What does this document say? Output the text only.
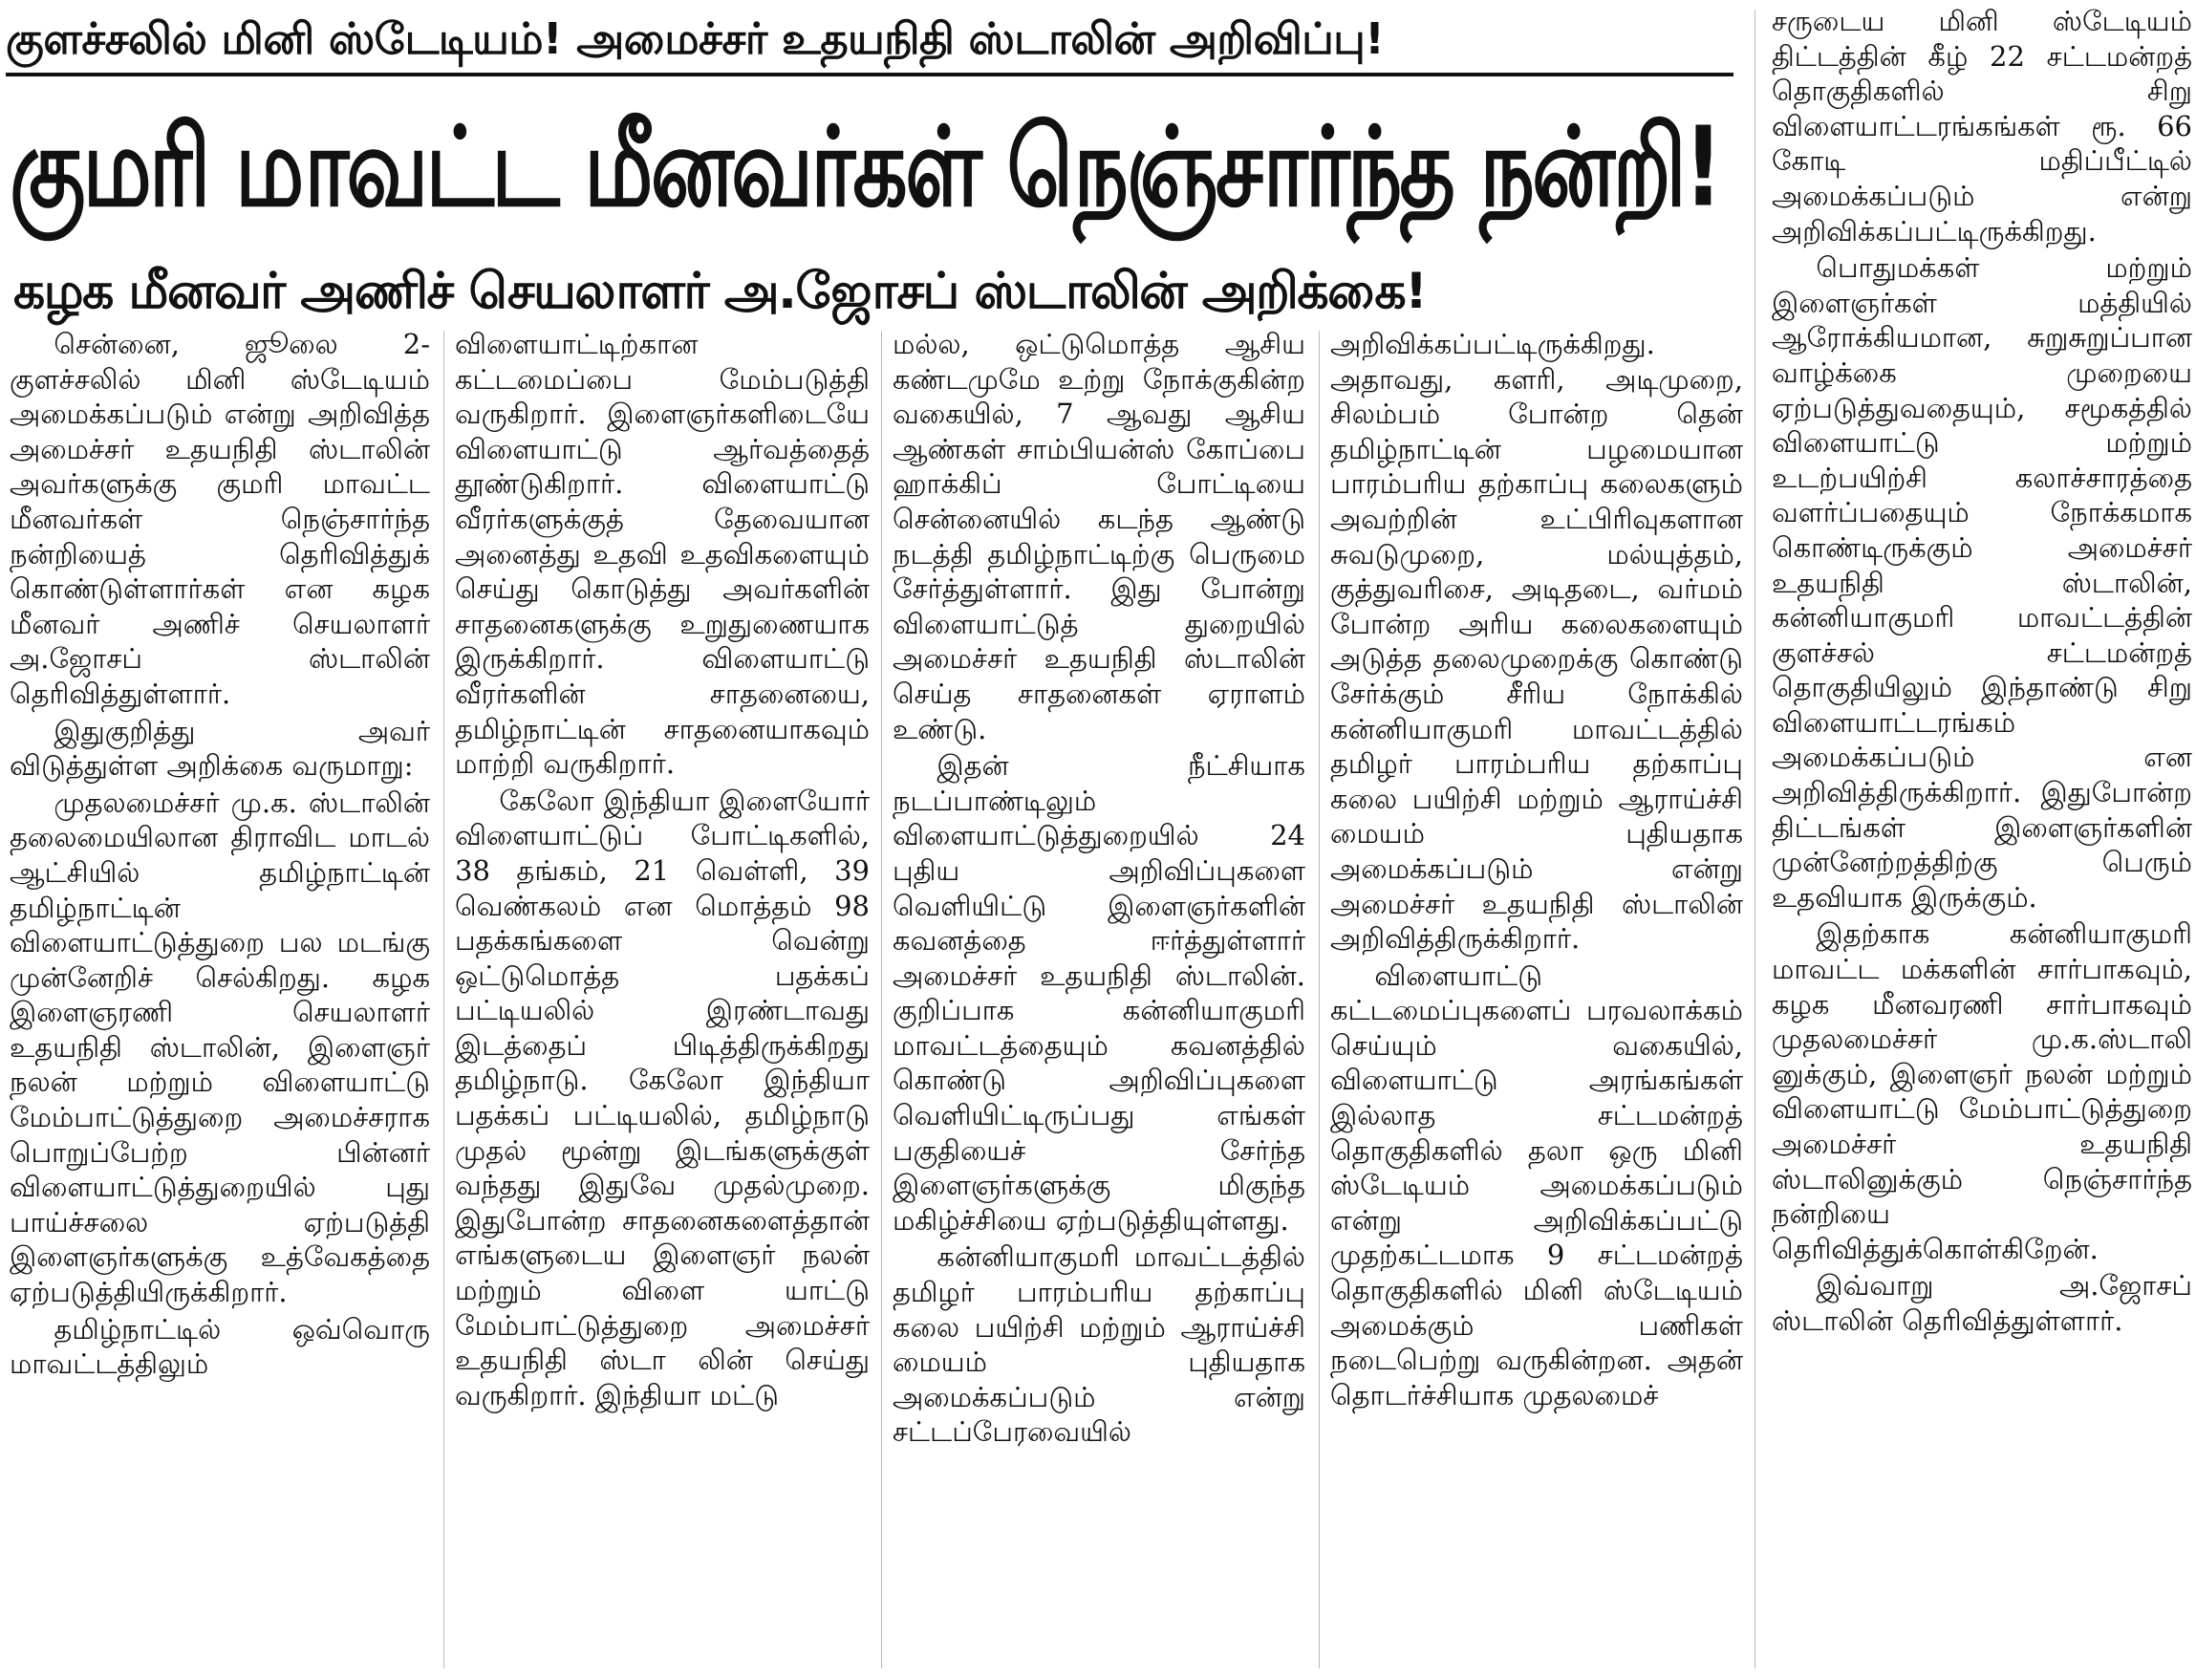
குளச்சலில் மினி ஸ்டேடியம்! அமைச்சர் உதயநிதி ஸ்டாலின் அறிவிப்பு!
குமரி மாவட்ட மீனவர்கள் நெஞ்சார்ந்த நன்றி!
கழக மீனவர் அணிச் செயலாளர் அ.ஜோசப் ஸ்டாலின் அறிக்கை!

சென்னை, ஜூலை 2- குளச்சலில் மினி ஸ்டேடியம் அமைக்கப்படும் என்று அறிவித்த அமைச்சர் உதயநிதி ஸ்டாலின் அவர்களுக்கு குமரி மாவட்ட மீனவர்கள் நெஞ்சார்ந்த நன்றியைத் தெரிவித்துக் கொண்டுள்ளார்கள் என கழக மீனவர் அணிச் செயலாளர் அ.ஜோசப் ஸ்டாலின் தெரிவித்துள்ளார்.

இதுகுறித்து அவர் விடுத்துள்ள அறிக்கை வருமாறு:

முதலமைச்சர் மு.க. ஸ்டாலின் தலைமையிலான திராவிட மாடல் ஆட்சியில் தமிழ்நாட்டின் தமிழ்நாட்டின் விளையாட்டுத்துறை பல மடங்கு முன்னேறிச் செல்கிறது. கழக இளைஞரணி செயலாளர் உதயநிதி ஸ்டாலின், இளைஞர் நலன் மற்றும் விளையாட்டு மேம்பாட்டுத்துறை அமைச்சராக பொறுப்பேற்ற பின்னர் விளையாட்டுத்துறையில் புது பாய்ச்சலை ஏற்படுத்தி இளைஞர்களுக்கு உத்வேகத்தை ஏற்படுத்தியிருக்கிறார்.

தமிழ்நாட்டில் ஒவ்வொரு மாவட்டத்திலும்

விளையாட்டிற்கான கட்டமைப்பை மேம்படுத்தி வருகிறார். இளைஞர்களிடையே விளையாட்டு ஆர்வத்தைத் தூண்டுகிறார். விளையாட்டு வீரர்களுக்குத் தேவையான அனைத்து உதவி உதவிகளையும் செய்து கொடுத்து அவர்களின் சாதனைகளுக்கு உறுதுணையாக இருக்கிறார். விளையாட்டு வீரர்களின் சாதனையை, தமிழ்நாட்டின் சாதனையாகவும் மாற்றி வருகிறார்.

கேலோ இந்தியா இளையோர் விளையாட்டுப் போட்டிகளில், 38 தங்கம், 21 வெள்ளி, 39 வெண்கலம் என மொத்தம் 98 பதக்கங்களை வென்று ஒட்டுமொத்த பதக்கப் பட்டியலில் இரண்டாவது இடத்தைப் பிடித்திருக்கிறது தமிழ்நாடு. கேலோ இந்தியா பதக்கப் பட்டியலில், தமிழ்நாடு முதல் மூன்று இடங்களுக்குள் வந்தது இதுவே முதல்முறை. இதுபோன்ற சாதனைகளைத்தான் எங்களுடைய இளைஞர் நலன் மற்றும் விளை யாட்டு மேம்பாட்டுத்துறை அமைச்சர் உதயநிதி ஸ்டா லின் செய்து வருகிறார். இந்தியா மட்டு

மல்ல, ஒட்டுமொத்த ஆசிய கண்டமுமே உற்று நோக்குகின்ற வகையில், 7 ஆவது ஆசிய ஆண்கள் சாம்பியன்ஸ் கோப்பை ஹாக்கிப் போட்டியை சென்னையில் கடந்த ஆண்டு நடத்தி தமிழ்நாட்டிற்கு பெருமை சேர்த்துள்ளார். இது போன்று விளையாட்டுத் துறையில் அமைச்சர் உதயநிதி ஸ்டாலின் செய்த சாதனைகள் ஏராளம் உண்டு.

இதன் நீட்சியாக நடப்பாண்டிலும் விளையாட்டுத்துறையில் 24 புதிய அறிவிப்புகளை வெளியிட்டு இளைஞர்களின் கவனத்தை ஈர்த்துள்ளார் அமைச்சர் உதயநிதி ஸ்டாலின். குறிப்பாக கன்னியாகுமரி மாவட்டத்தையும் கவனத்தில் கொண்டு அறிவிப்புகளை வெளியிட்டிருப்பது எங்கள் பகுதியைச் சேர்ந்த இளைஞர்களுக்கு மிகுந்த மகிழ்ச்சியை ஏற்படுத்தியுள்ளது.

கன்னியாகுமரி மாவட்டத்தில் தமிழர் பாரம்பரிய தற்காப்பு கலை பயிற்சி மற்றும் ஆராய்ச்சி மையம் புதியதாக அமைக்கப்படும் என்று சட்டப்பேரவையில்

அறிவிக்கப்பட்டிருக்கிறது. அதாவது, களரி, அடிமுறை, சிலம்பம் போன்ற தென் தமிழ்நாட்டின் பழமையான பாரம்பரிய தற்காப்பு கலைகளும் அவற்றின் உட்பிரிவுகளான சுவடுமுறை, மல்யுத்தம், குத்துவரிசை, அடிதடை, வர்மம் போன்ற அரிய கலைகளையும் அடுத்த தலைமுறைக்கு கொண்டு சேர்க்கும் சீரிய நோக்கில் கன்னியாகுமரி மாவட்டத்தில் தமிழர் பாரம்பரிய தற்காப்பு கலை பயிற்சி மற்றும் ஆராய்ச்சி மையம் புதியதாக அமைக்கப்படும் என்று அமைச்சர் உதயநிதி ஸ்டாலின் அறிவித்திருக்கிறார்.

விளையாட்டு கட்டமைப்புகளைப் பரவலாக்கம் செய்யும் வகையில், விளையாட்டு அரங்கங்கள் இல்லாத சட்டமன்றத் தொகுதிகளில் தலா ஒரு மினி ஸ்டேடியம் அமைக்கப்படும் என்று அறிவிக்கப்பட்டு முதற்கட்டமாக 9 சட்டமன்றத் தொகுதிகளில் மினி ஸ்டேடியம் அமைக்கும் பணிகள் நடைபெற்று வருகின்றன. அதன் தொடர்ச்சியாக முதலமைச்

சருடைய மினி ஸ்டேடியம் திட்டத்தின் கீழ் 22 சட்டமன்றத் தொகுதிகளில் சிறு விளையாட்டரங்கங்கள் ரூ. 66 கோடி மதிப்பீட்டில் அமைக்கப்படும் என்று அறிவிக்கப்பட்டிருக்கிறது.

பொதுமக்கள் மற்றும் இளைஞர்கள் மத்தியில் ஆரோக்கியமான, சுறுசுறுப்பான வாழ்க்கை முறையை ஏற்படுத்துவதையும், சமூகத்தில் விளையாட்டு மற்றும் உடற்பயிற்சி கலாச்சாரத்தை வளர்ப்பதையும் நோக்கமாக கொண்டிருக்கும் அமைச்சர் உதயநிதி ஸ்டாலின், கன்னியாகுமரி மாவட்டத்தின் குளச்சல் சட்டமன்றத் தொகுதியிலும் இந்தாண்டு சிறு விளையாட்டரங்கம் அமைக்கப்படும் என அறிவித்திருக்கிறார். இதுபோன்ற திட்டங்கள் இளைஞர்களின் முன்னேற்றத்திற்கு பெரும் உதவியாக இருக்கும்.

இதற்காக கன்னியாகுமரி மாவட்ட மக்களின் சார்பாகவும், கழக மீனவரணி சார்பாகவும் முதலமைச்சர் மு.க.ஸ்டாலி னுக்கும், இளைஞர் நலன் மற்றும் விளையாட்டு மேம்பாட்டுத்துறை அமைச்சர் உதயநிதி ஸ்டாலினுக்கும் நெஞ்சார்ந்த நன்றியை தெரிவித்துக்கொள்கிறேன்.

இவ்வாறு அ.ஜோசப் ஸ்டாலின் தெரிவித்துள்ளார்.
